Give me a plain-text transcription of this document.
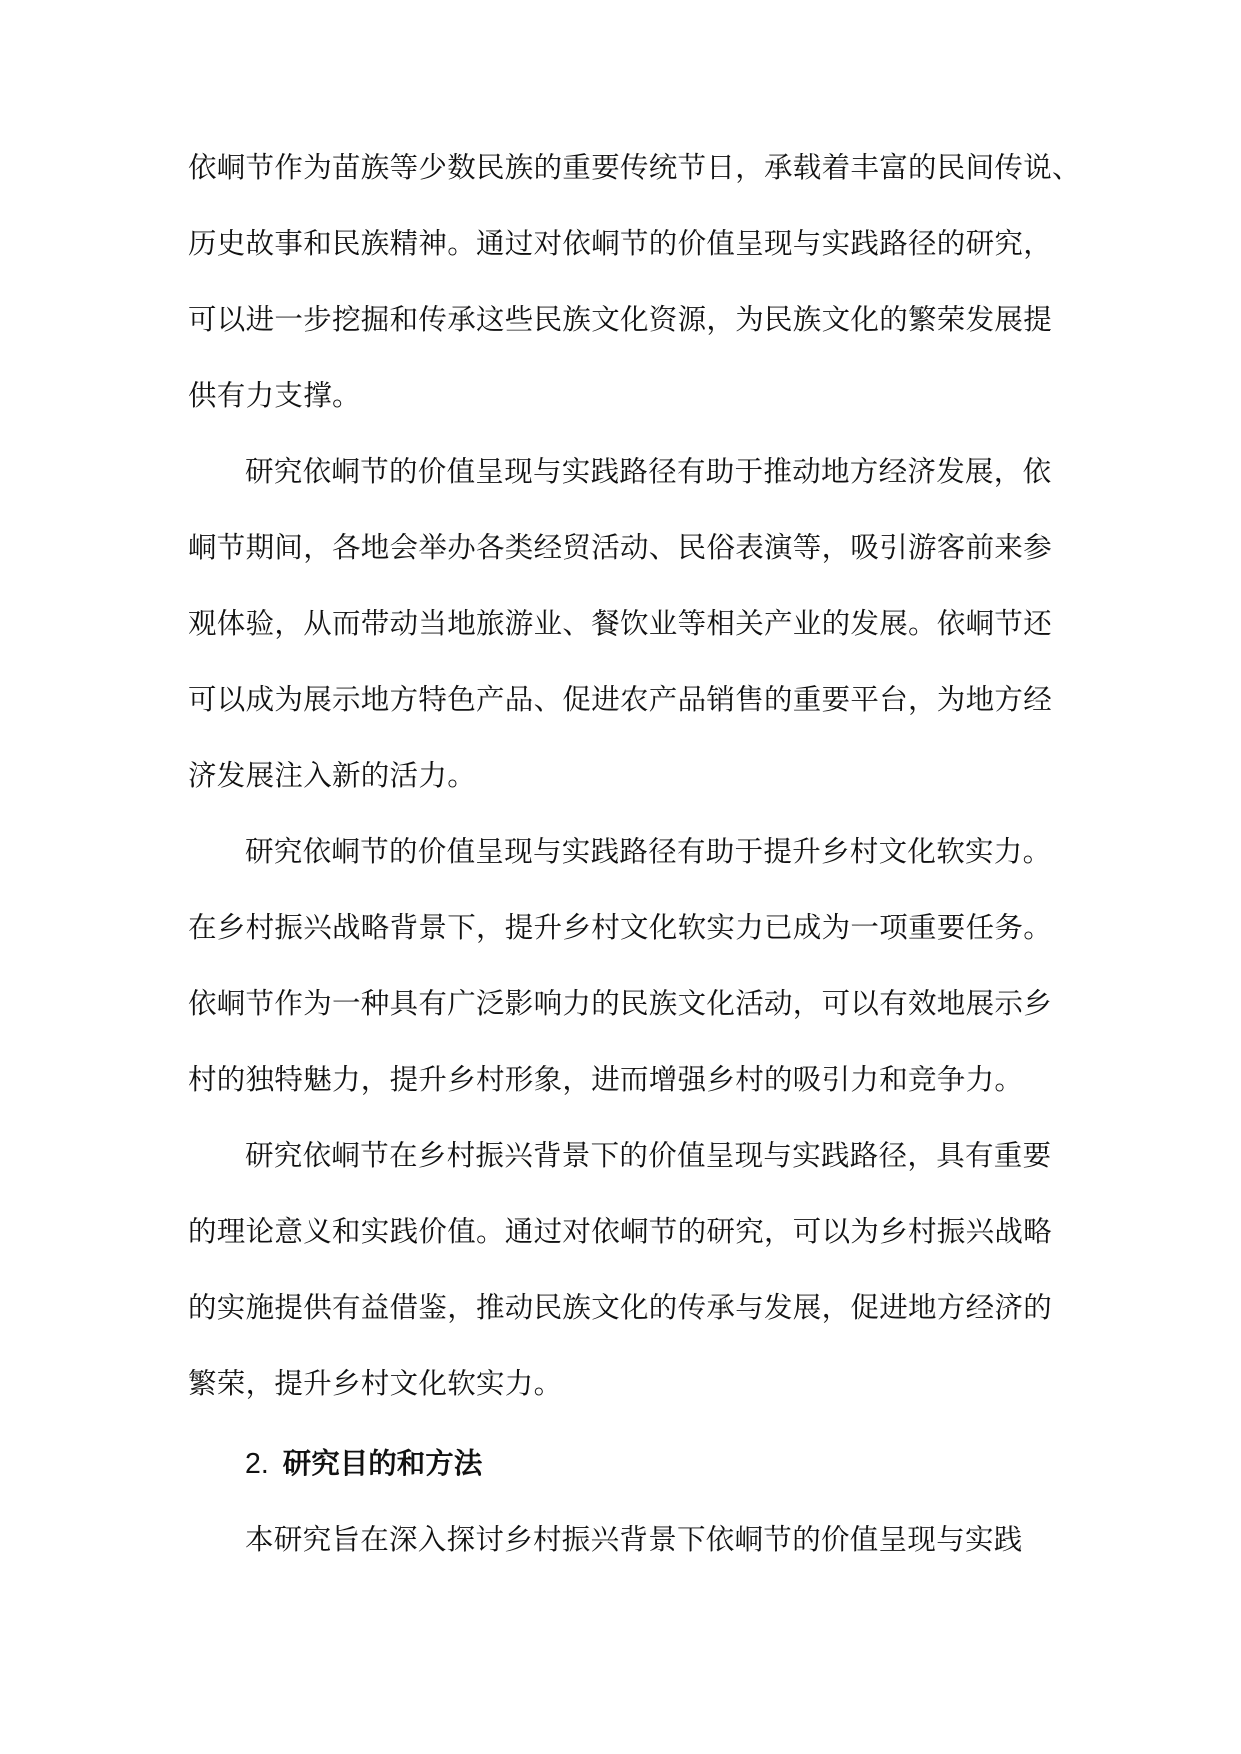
依峒节作为苗族等少数民族的重要传统节日，承载着丰富的民间传说、
历史故事和民族精神。通过对依峒节的价值呈现与实践路径的研究，
可以进一步挖掘和传承这些民族文化资源，为民族文化的繁荣发展提
供有力支撑。
研究依峒节的价值呈现与实践路径有助于推动地方经济发展，依
峒节期间，各地会举办各类经贸活动、民俗表演等，吸引游客前来参
观体验，从而带动当地旅游业、餐饮业等相关产业的发展。依峒节还
可以成为展示地方特色产品、促进农产品销售的重要平台，为地方经
济发展注入新的活力。
研究依峒节的价值呈现与实践路径有助于提升乡村文化软实力。
在乡村振兴战略背景下，提升乡村文化软实力已成为一项重要任务。
依峒节作为一种具有广泛影响力的民族文化活动，可以有效地展示乡
村的独特魅力，提升乡村形象，进而增强乡村的吸引力和竞争力。
研究依峒节在乡村振兴背景下的价值呈现与实践路径，具有重要
的理论意义和实践价值。通过对依峒节的研究，可以为乡村振兴战略
的实施提供有益借鉴，推动民族文化的传承与发展，促进地方经济的
繁荣，提升乡村文化软实力。
2. 研究目的和方法
本研究旨在深入探讨乡村振兴背景下依峒节的价值呈现与实践
